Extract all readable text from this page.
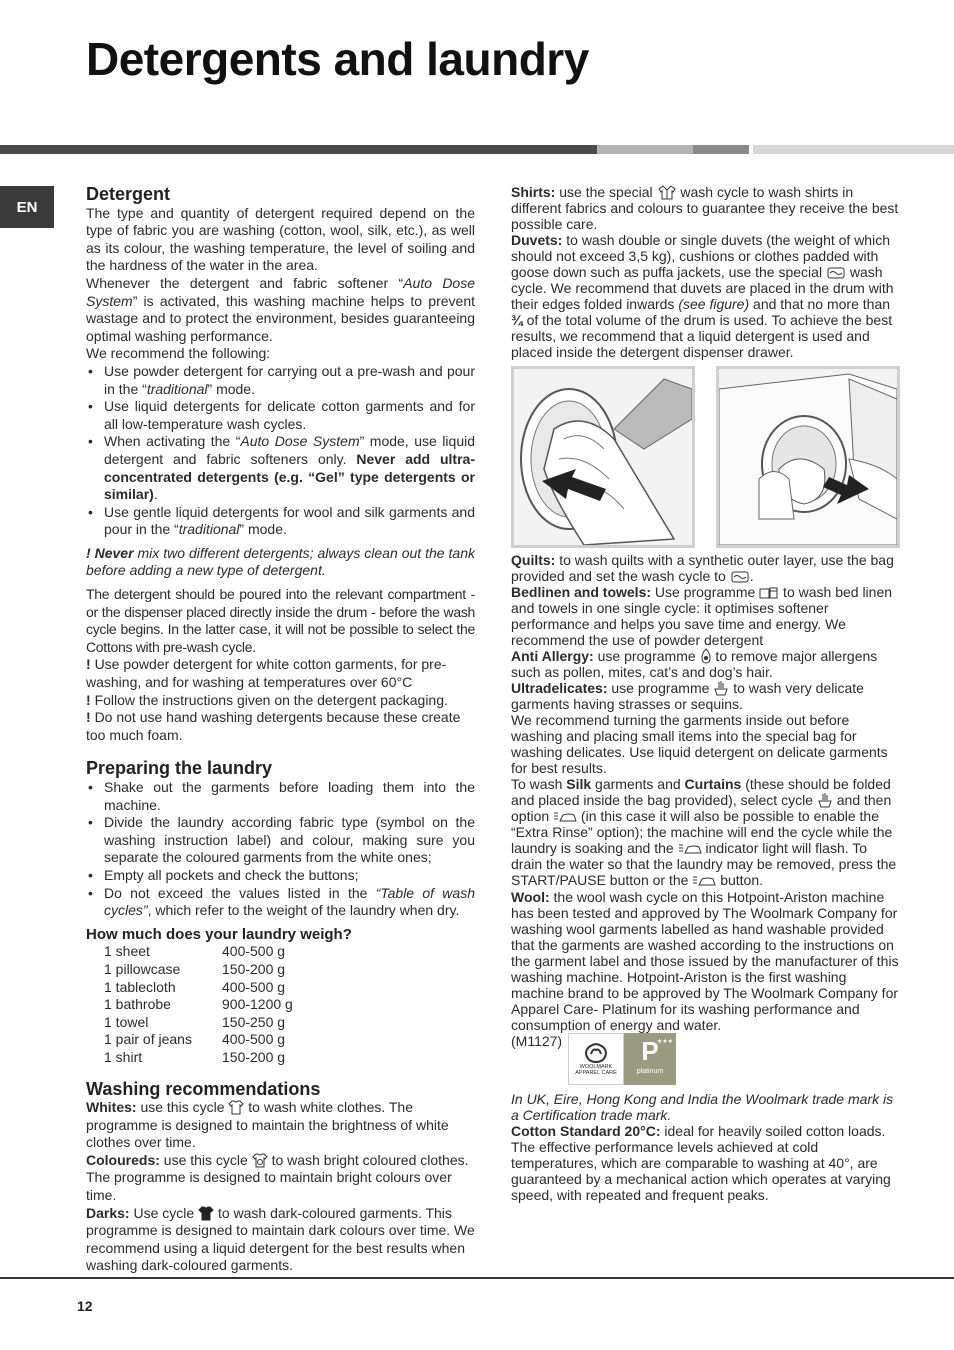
Detergents and laundry
EN
Detergent

The type and quantity of detergent required depend on the type of fabric you are washing (cotton, wool, silk, etc.), as well as its colour, the washing temperature, the level of soiling and the hardness of the water in the area.

Whenever the detergent and fabric softener “Auto Dose System” is activated, this washing machine helps to prevent wastage and to protect the environment, besides guaranteeing optimal washing performance.

We recommend the following:

• Use powder detergent for carrying out a pre-wash and pour in the “traditional” mode.
• Use liquid detergents for delicate cotton garments and for all low-temperature wash cycles.
• When activating the “Auto Dose System” mode, use liquid detergent and fabric softeners only. Never add ultra-concentrated detergents (e.g. “Gel” type detergents or similar).
• Use gentle liquid detergents for wool and silk garments and pour in the “traditional” mode.

! Never mix two different detergents; always clean out the tank before adding a new type of detergent.

The detergent should be poured into the relevant compartment - or the dispenser placed directly inside the drum - before the wash cycle begins. In the latter case, it will not be possible to select the Cottons with pre-wash cycle.

! Use powder detergent for white cotton garments, for pre-washing, and for washing at temperatures over 60°C

! Follow the instructions given on the detergent packaging.

! Do not use hand washing detergents because these create too much foam.

Preparing the laundry
• Shake out the garments before loading them into the machine.
• Divide the laundry according fabric type (symbol on the washing instruction label) and colour, making sure you separate the coloured garments from the white ones;
• Empty all pockets and check the buttons;
• Do not exceed the values listed in the “Table of wash cycles”, which refer to the weight of the laundry when dry.
How much does your laundry weigh?
1 sheet	400-500 g
1 pillowcase	150-200 g
1 tablecloth	400-500 g
1 bathrobe	900-1200 g
1 towel	150-250 g
1 pair of jeans	400-500 g
1 shirt	150-200 g
Washing recommendations

Whites: use this cycle  to wash white clothes. The programme is designed to maintain the brightness of white clothes over time.

Coloureds: use this cycle  to wash bright coloured clothes. The programme is designed to maintain bright colours over time.

Darks: Use cycle  to wash dark-coloured garments. This programme is designed to maintain dark colours over time. We recommend using a liquid detergent for the best results when washing dark-coloured garments.

Shirts: use the special  wash cycle to wash shirts in different fabrics and colours to guarantee they receive the best possible care.

Duvets: to wash double or single duvets (the weight of which should not exceed 3,5 kg), cushions or clothes padded with goose down such as puffa jackets, use the special  wash cycle. We recommend that duvets are placed in the drum with their edges folded inwards (see figure) and that no more than ¾ of the total volume of the drum is used. To achieve the best results, we recommend that a liquid detergent is used and placed inside the detergent dispenser drawer.

Quilts: to wash quilts with a synthetic outer layer, use the bag provided and set the wash cycle to .

Bedlinen and towels: Use programme  to wash bed linen and towels in one single cycle: it optimises softener performance and helps you save time and energy. We recommend the use of powder detergent

Anti Allergy: use programme  to remove major allergens such as pollen, mites, cat’s and dog’s hair.

Ultradelicates: use programme  to wash very delicate garments having strasses or sequins.

We recommend turning the garments inside out before washing and placing small items into the special bag for washing delicates. Use liquid detergent on delicate garments for best results.

To wash Silk garments and Curtains (these should be folded and placed inside the bag provided), select cycle  and then option  (in this case it will also be possible to enable the “Extra Rinse” option); the machine will end the cycle while the laundry is soaking and the  indicator light will flash. To drain the water so that the laundry may be removed, press the START/PAUSE button or the  button.

Wool: the wool wash cycle on this Hotpoint-Ariston machine has been tested and approved by The Woolmark Company for washing wool garments labelled as hand washable provided that the garments are washed according to the instructions on the garment label and those issued by the manufacturer of this washing machine. Hotpoint-Ariston is the first washing machine brand to be approved by The Woolmark Company for Apparel Care- Platinum for its washing performance and consumption of energy and water.
(M1127)
WOOLMARK
APPAREL CARE
★★★
P
platinum

In UK, Eire, Hong Kong and India the Woolmark trade mark is a Certification trade mark.

Cotton Standard 20°C: ideal for heavily soiled cotton loads. The effective performance levels achieved at cold temperatures, which are comparable to washing at 40°, are guaranteed by a mechanical action which operates at varying speed, with repeated and frequent peaks.

12
